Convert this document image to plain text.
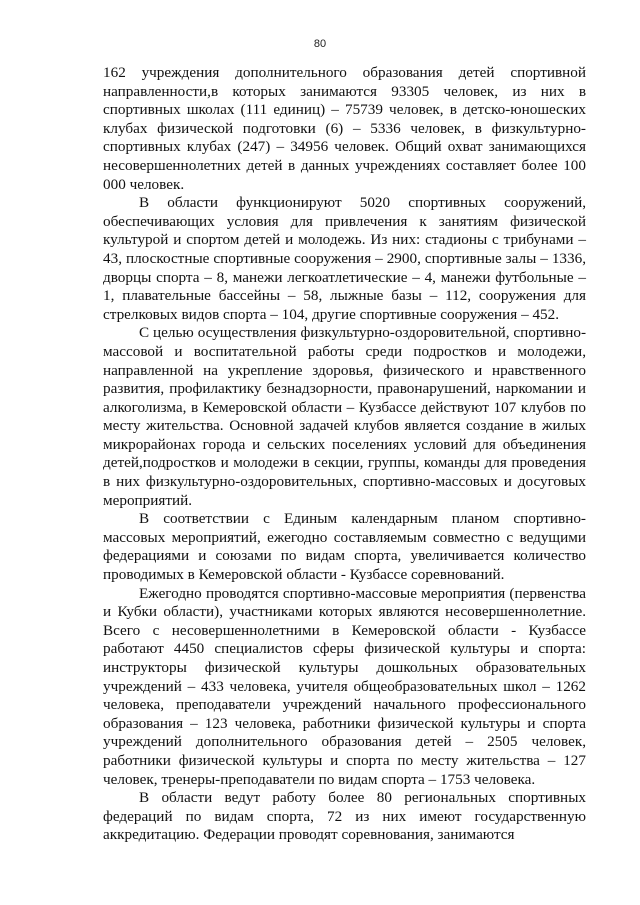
80

162 учреждения дополнительного образования детей спортивной направленности,в которых занимаются 93305 человек, из них в спортивных школах (111 единиц) – 75739 человек, в детско-юношеских клубах физической подготовки (6) – 5336 человек, в физкультурно-спортивных клубах (247) – 34956 человек. Общий охват занимающихся несовершеннолетних детей в данных учреждениях составляет более 100 000 человек.

В области функционируют 5020 спортивных сооружений, обеспечивающих условия для привлечения к занятиям физической культурой и спортом детей и молодежь. Из них: стадионы с трибунами – 43, плоскостные спортивные сооружения – 2900, спортивные залы – 1336, дворцы спорта – 8, манежи легкоатлетические – 4, манежи футбольные – 1, плавательные бассейны – 58, лыжные базы – 112, сооружения для стрелковых видов спорта – 104, другие спортивные сооружения – 452.

С целью осуществления физкультурно-оздоровительной, спортивно-массовой и воспитательной работы среди подростков и молодежи, направленной на укрепление здоровья, физического и нравственного развития, профилактику безнадзорности, правонарушений, наркомании и алкоголизма, в Кемеровской области – Кузбассе действуют 107 клубов по месту жительства. Основной задачей клубов является создание в жилых микрорайонах города и сельских поселениях условий для объединения детей,подростков и молодежи в секции, группы, команды для проведения в них физкультурно-оздоровительных, спортивно-массовых и досуговых мероприятий.

В соответствии с Единым календарным планом спортивно-массовых мероприятий, ежегодно составляемым совместно с ведущими федерациями и союзами по видам спорта, увеличивается количество проводимых в Кемеровской области - Кузбассе соревнований.

Ежегодно проводятся спортивно-массовые мероприятия (первенства и Кубки области), участниками которых являются несовершеннолетние. Всего с несовершеннолетними в Кемеровской области - Кузбассе работают 4450 специалистов сферы физической культуры и спорта: инструкторы физической культуры дошкольных образовательных учреждений – 433 человека, учителя общеобразовательных школ – 1262 человека, преподаватели учреждений начального профессионального образования – 123 человека, работники физической культуры и спорта учреждений дополнительного образования детей – 2505 человек, работники физической культуры и спорта по месту жительства – 127 человек, тренеры-преподаватели по видам спорта – 1753 человека.

В области ведут работу более 80 региональных спортивных федераций по видам спорта, 72 из них имеют государственную аккредитацию. Федерации проводят соревнования, занимаются
